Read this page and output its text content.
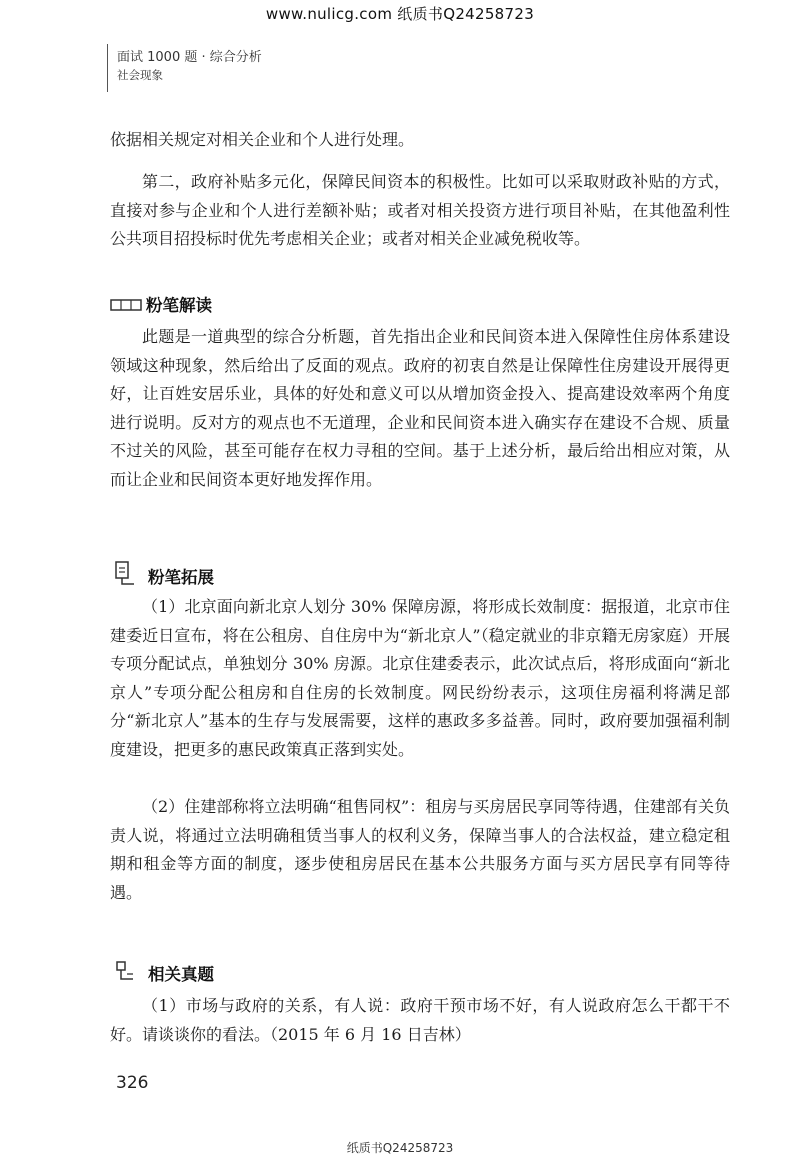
www.nulicg.com 纸质书Q24258723
面试 1000 题 · 综合分析
社会现象

依据相关规定对相关企业和个人进行处理。

第二，政府补贴多元化，保障民间资本的积极性。比如可以采取财政补贴的方式，直接对参与企业和个人进行差额补贴；或者对相关投资方进行项目补贴，在其他盈利性公共项目招投标时优先考虑相关企业；或者对相关企业减免税收等。

粉笔解读

此题是一道典型的综合分析题，首先指出企业和民间资本进入保障性住房体系建设领域这种现象，然后给出了反面的观点。政府的初衷自然是让保障性住房建设开展得更好，让百姓安居乐业，具体的好处和意义可以从增加资金投入、提高建设效率两个角度进行说明。反对方的观点也不无道理，企业和民间资本进入确实存在建设不合规、质量不过关的风险，甚至可能存在权力寻租的空间。基于上述分析，最后给出相应对策，从而让企业和民间资本更好地发挥作用。

粉笔拓展

（1）北京面向新北京人划分 30% 保障房源，将形成长效制度：据报道，北京市住建委近日宣布，将在公租房、自住房中为“新北京人”（稳定就业的非京籍无房家庭）开展专项分配试点，单独划分 30% 房源。北京住建委表示，此次试点后，将形成面向“新北京人”专项分配公租房和自住房的长效制度。网民纷纷表示，这项住房福利将满足部分“新北京人”基本的生存与发展需要，这样的惠政多多益善。同时，政府要加强福利制度建设，把更多的惠民政策真正落到实处。

（2）住建部称将立法明确“租售同权”：租房与买房居民享同等待遇，住建部有关负责人说，将通过立法明确租赁当事人的权利义务，保障当事人的合法权益，建立稳定租期和租金等方面的制度，逐步使租房居民在基本公共服务方面与买方居民享有同等待遇。

相关真题

（1）市场与政府的关系，有人说：政府干预市场不好，有人说政府怎么干都干不好。请谈谈你的看法。（2015 年 6 月 16 日吉林）

326
纸质书Q24258723
